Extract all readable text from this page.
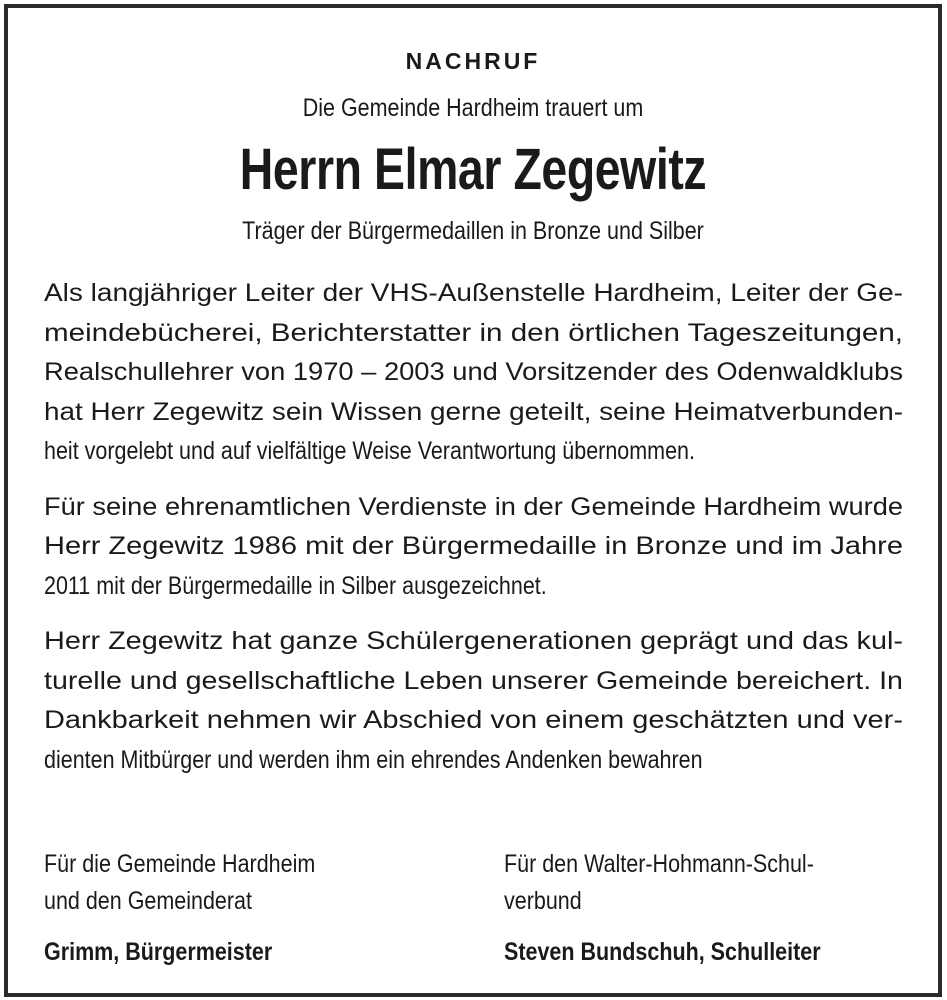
NACHRUF
Die Gemeinde Hardheim trauert um
Herrn Elmar Zegewitz
Träger der Bürgermedaillen in Bronze und Silber
Als langjähriger Leiter der VHS-Außenstelle Hardheim, Leiter der Ge-
meindebücherei, Berichterstatter in den örtlichen Tageszeitungen,
Realschullehrer von 1970 – 2003 und Vorsitzender des Odenwaldklubs
hat Herr Zegewitz sein Wissen gerne geteilt, seine Heimatverbunden-
heit vorgelebt und auf vielfältige Weise Verantwortung übernommen.
Für seine ehrenamtlichen Verdienste in der Gemeinde Hardheim wurde
Herr Zegewitz 1986 mit der Bürgermedaille in Bronze und im Jahre
2011 mit der Bürgermedaille in Silber ausgezeichnet.
Herr Zegewitz hat ganze Schülergenerationen geprägt und das kul-
turelle und gesellschaftliche Leben unserer Gemeinde bereichert. In
Dankbarkeit nehmen wir Abschied von einem geschätzten und ver-
dienten Mitbürger und werden ihm ein ehrendes Andenken bewahren
Für die Gemeinde Hardheim
und den Gemeinderat
Grimm, Bürgermeister
Für den Walter-Hohmann-Schul-
verbund
Steven Bundschuh, Schulleiter
